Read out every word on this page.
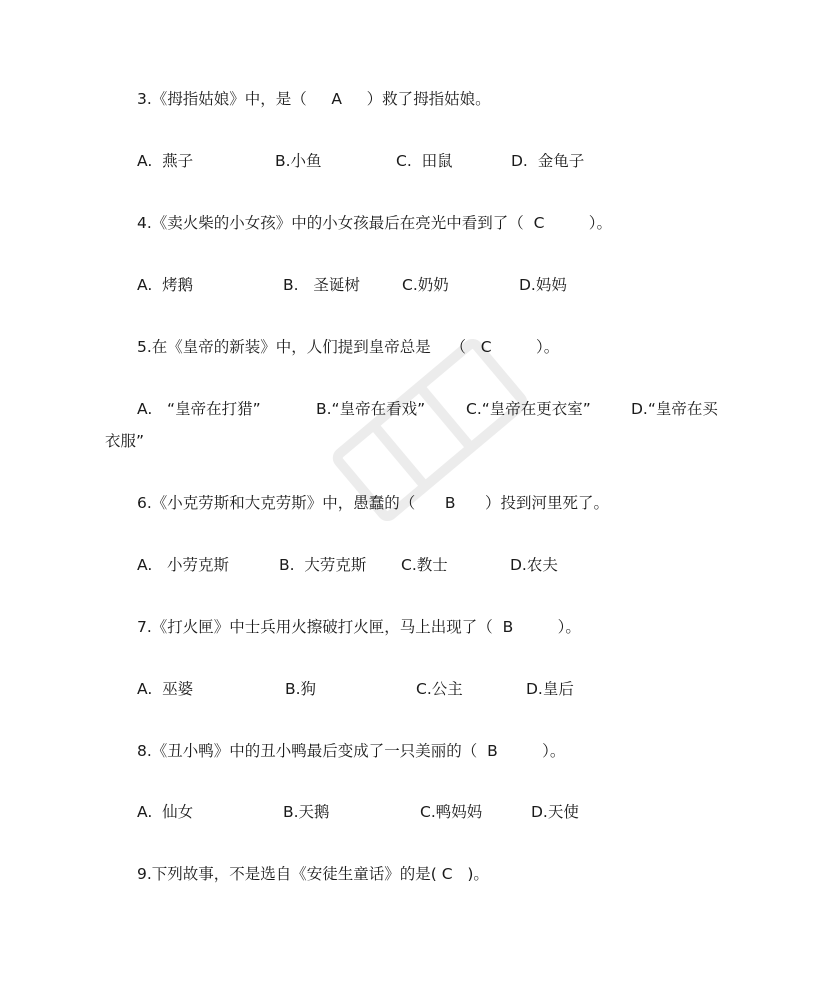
3.《拇指姑娘》中，是（     A     ）救了拇指姑娘。
A.  燕子	B.小鱼	C.  田鼠	D.  金龟子
4.《卖火柴的小女孩》中的小女孩最后在亮光中看到了（  C         ）。
A.  烤鹅	B.   圣诞树	C.奶奶	D.妈妈
5.在《皇帝的新装》中，人们提到皇帝总是    （   C         ）。
A.   “皇帝在打猎”	B.“皇帝在看戏”	C.“皇帝在更衣室”	D.“皇帝在买
衣服”
6.《小克劳斯和大克劳斯》中，愚蠢的（      B      ）投到河里死了。
A.   小劳克斯	B.  大劳克斯 C.教士	D.农夫
7.《打火匣》中士兵用火擦破打火匣，马上出现了（  B         ）。
A.  巫婆	B.狗	C.公主	D.皇后
8.《丑小鸭》中的丑小鸭最后变成了一只美丽的（  B         ）。
A.  仙女	B.天鹅	C.鸭妈妈	D.天使
9.下列故事，不是选自《安徒生童话》的是( C   )。
